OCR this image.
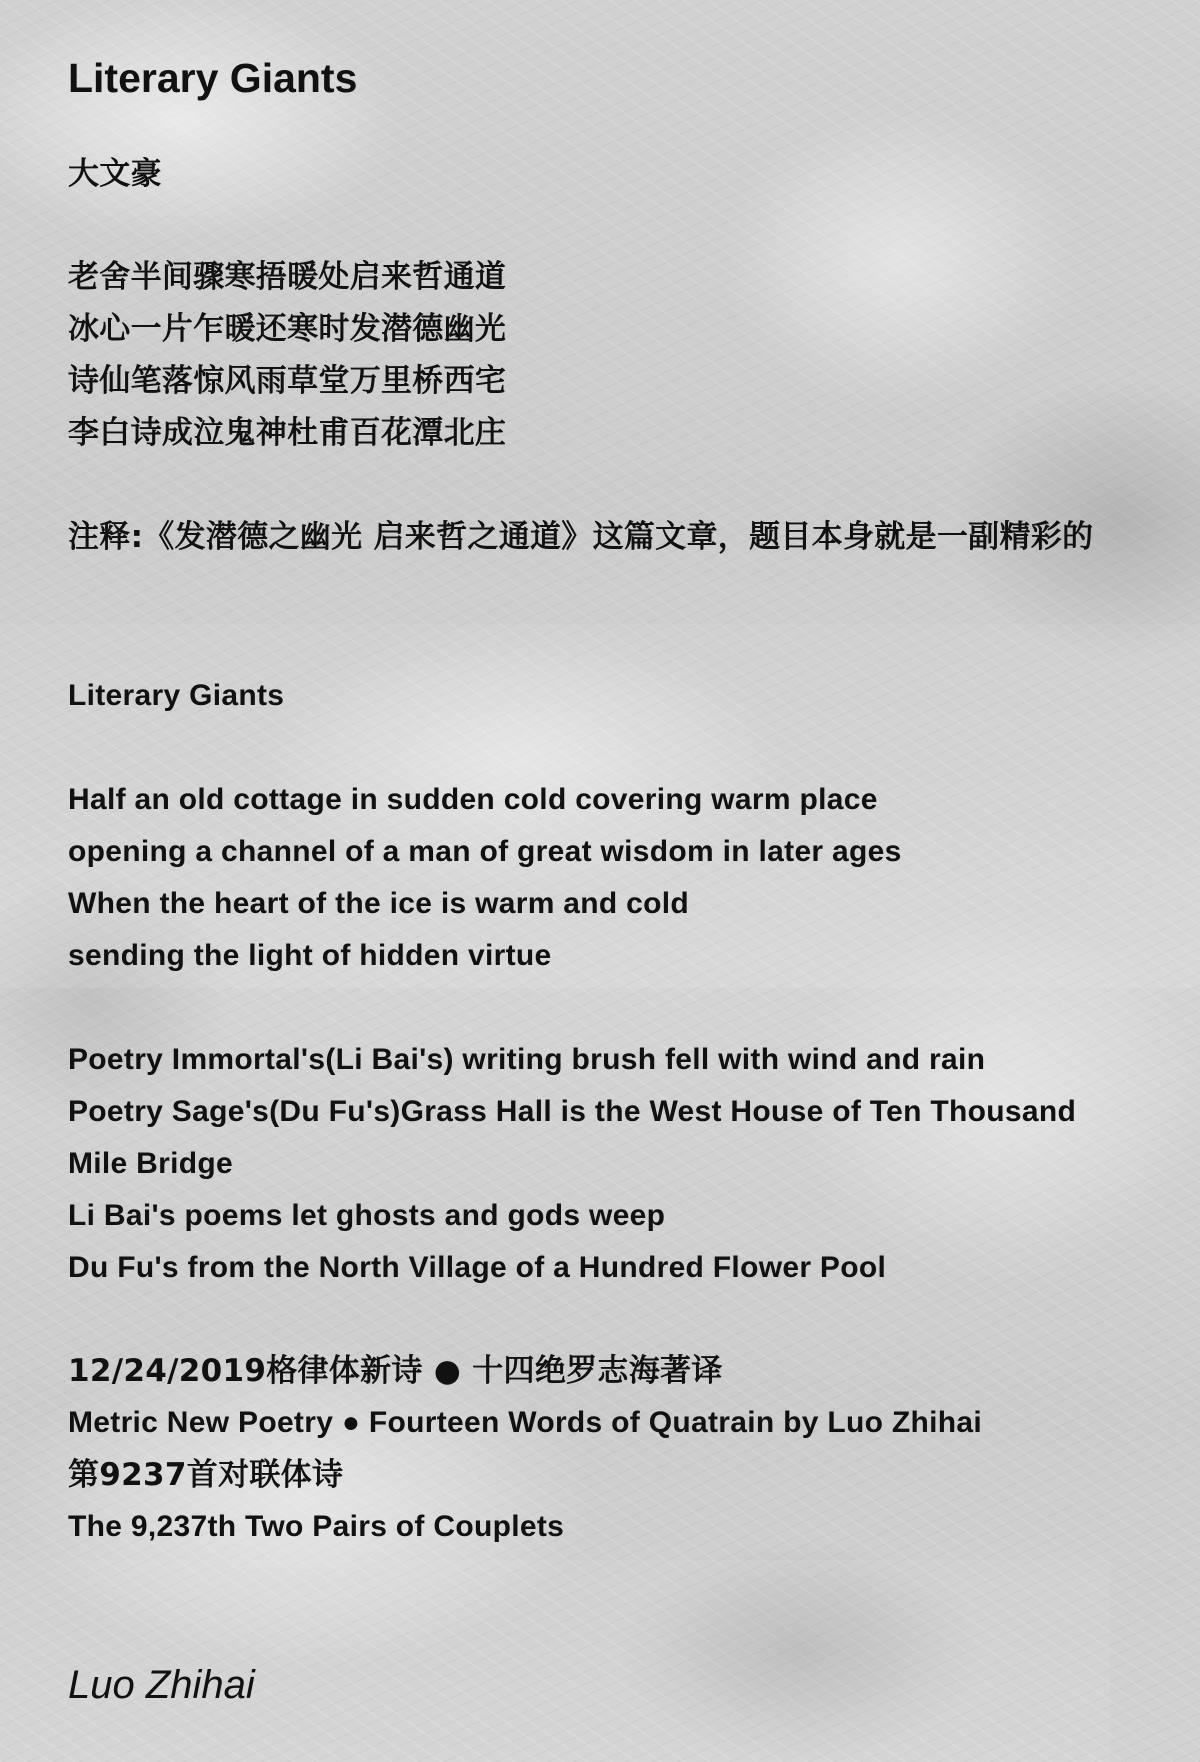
Literary Giants
大文豪
老舍半间骤寒捂暖处启来哲通道
冰心一片乍暖还寒时发潜德幽光
诗仙笔落惊风雨草堂万里桥西宅
李白诗成泣鬼神杜甫百花潭北庄
注释:《发潜德之幽光 启来哲之通道》这篇文章，题目本身就是一副精彩的
Literary Giants
Half an old cottage in sudden cold covering warm place
opening a channel of a man of great wisdom in later ages
When the heart of the ice is warm and cold
sending the light of hidden virtue
Poetry Immortal's(Li Bai's) writing brush fell with wind and rain
Poetry Sage's(Du Fu's)Grass Hall is the West House of Ten Thousand
Mile Bridge
Li Bai's poems let ghosts and gods weep
Du Fu's from the North Village of a Hundred Flower Pool
12/24/2019格律体新诗 ● 十四绝罗志海著译
Metric New Poetry ● Fourteen Words of Quatrain by Luo Zhihai
第9237首对联体诗
The 9,237th Two Pairs of Couplets

Luo Zhihai
